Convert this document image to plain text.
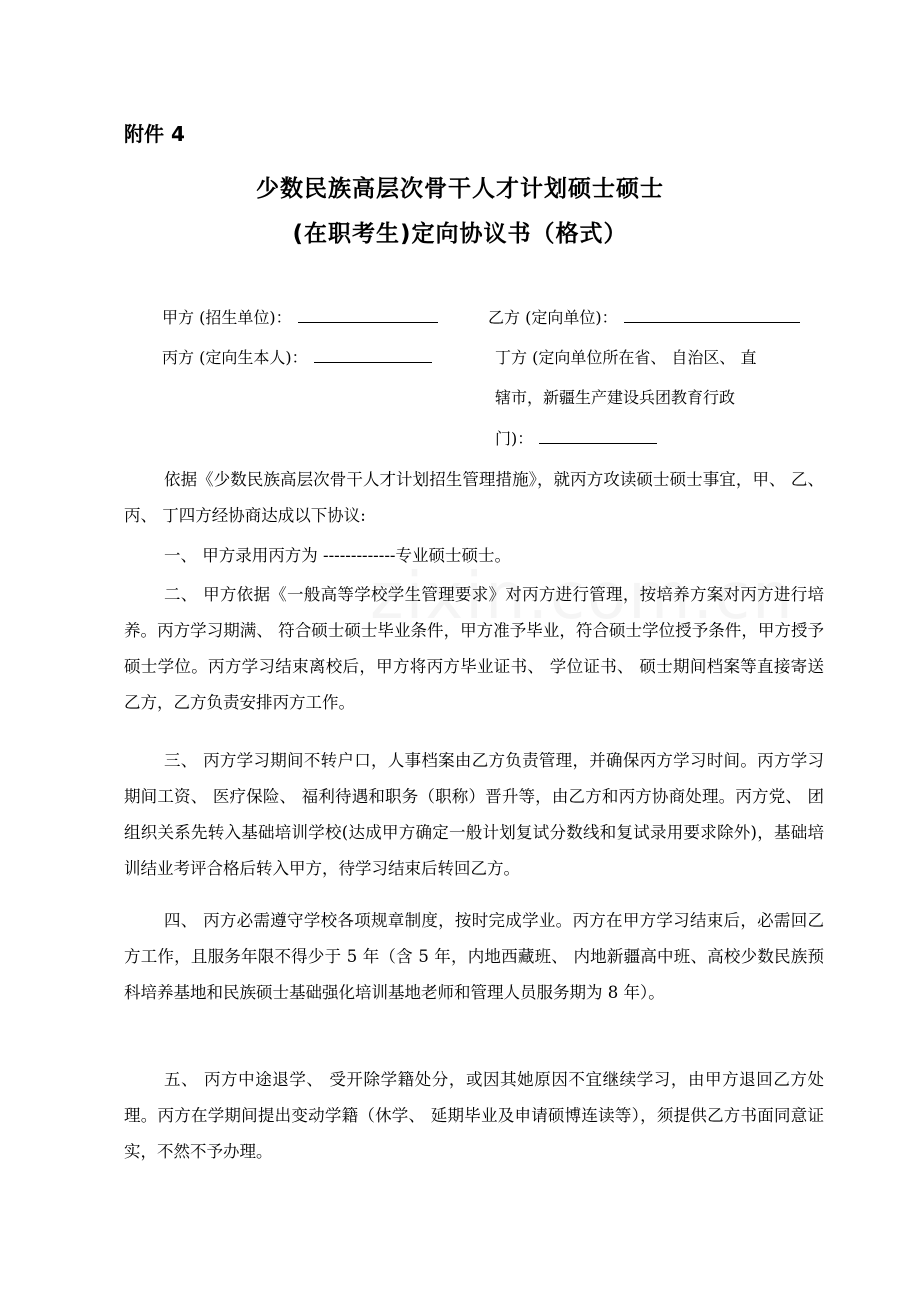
附件 4
少数民族高层次骨干人才计划硕士硕士
(在职考生)定向协议书（格式）
甲方 (招生单位)：	乙方 (定向单位)：
丙方 (定向生本人)：	丁方 (定向单位所在省、 自治区、 直
辖市，新疆生产建设兵团教育行政
门)：

依据《少数民族高层次骨干人才计划招生管理措施》，就丙方攻读硕士硕士事宜，甲、 乙、 丙、 丁四方经协商达成以下协议:

一、 甲方录用丙方为 -------------专业硕士硕士。

二、 甲方依据《一般高等学校学生管理要求》对丙方进行管理，按培养方案对丙方进行培养。丙方学习期满、 符合硕士硕士毕业条件，甲方准予毕业，符合硕士学位授予条件，甲方授予硕士学位。丙方学习结束离校后，甲方将丙方毕业证书、 学位证书、 硕士期间档案等直接寄送乙方，乙方负责安排丙方工作。

三、 丙方学习期间不转户口，人事档案由乙方负责管理，并确保丙方学习时间。丙方学习期间工资、 医疗保险、 福利待遇和职务（职称）晋升等，由乙方和丙方协商处理。丙方党、 团组织关系先转入基础培训学校(达成甲方确定一般计划复试分数线和复试录用要求除外)，基础培训结业考评合格后转入甲方，待学习结束后转回乙方。

四、 丙方必需遵守学校各项规章制度，按时完成学业。丙方在甲方学习结束后，必需回乙方工作，且服务年限不得少于 5 年（含 5 年，内地西藏班、 内地新疆高中班、高校少数民族预科培养基地和民族硕士基础强化培训基地老师和管理人员服务期为 8 年）。

五、 丙方中途退学、 受开除学籍处分，或因其她原因不宜继续学习，由甲方退回乙方处理。丙方在学期间提出变动学籍（休学、 延期毕业及申请硕博连读等），须提供乙方书面同意证实，不然不予办理。
